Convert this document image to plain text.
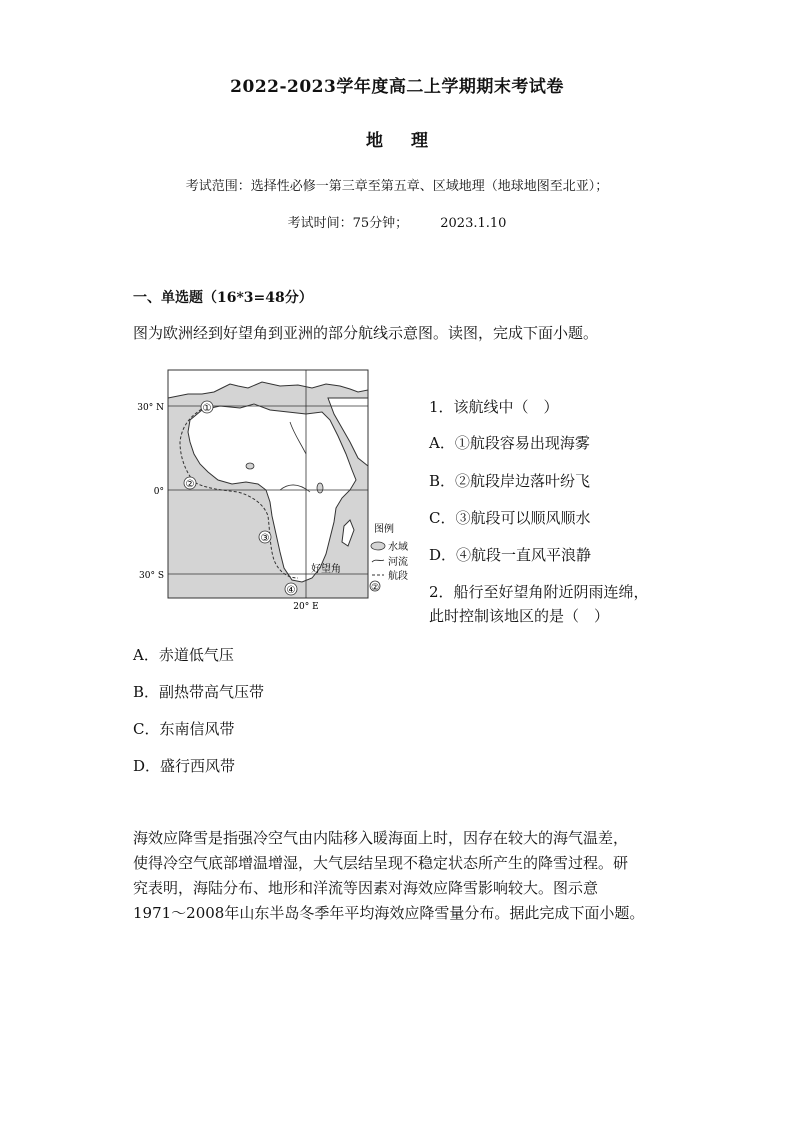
2022-2023学年度高二上学期期末考试卷
地理
考试范围：选择性必修一第三章至第五章、区域地理（地球地图至北亚）；
考试时间：75分钟； 2023.1.10
一、单选题（16*3=48分）
图为欧洲经到好望角到亚洲的部分航线示意图。读图，完成下面小题。
①
②
③
④
30° N
0°
30° S
20° E
好望角
图例
水域
河流
航段
②
1．该航线中（　）
A．①航段容易出现海雾
B．②航段岸边落叶纷飞
C．③航段可以顺风顺水
D．④航段一直风平浪静
2．船行至好望角附近阴雨连绵，
此时控制该地区的是（　）
A．赤道低气压
B．副热带高气压带
C．东南信风带
D．盛行西风带

海效应降雪是指强冷空气由内陆移入暖海面上时，因存在较大的海气温差，

使得冷空气底部增温增湿，大气层结呈现不稳定状态所产生的降雪过程。研

究表明，海陆分布、地形和洋流等因素对海效应降雪影响较大。图示意

1971～2008年山东半岛冬季年平均海效应降雪量分布。据此完成下面小题。
